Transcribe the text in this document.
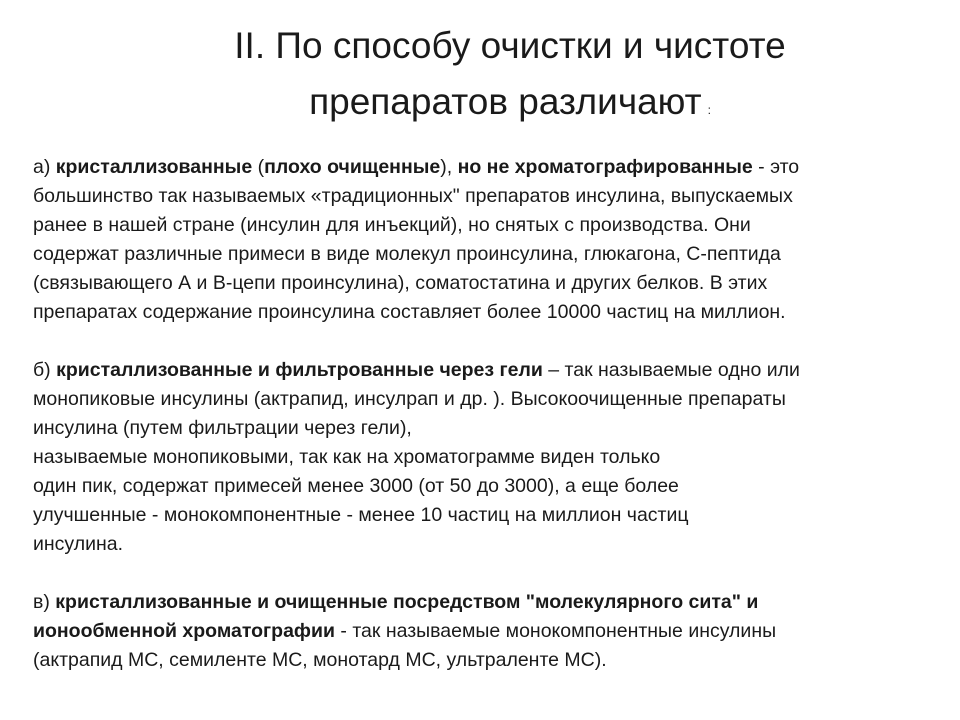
II. По способу очистки и чистоте
препаратов различают :

а) кристаллизованные (плохо очищенные), но не хроматографированные - это
большинство так называемых «традиционных" препаратов инсулина, выпускаемых
ранее в нашей стране (инсулин для инъекций), но снятых с производства. Они
содержат различные примеси в виде молекул проинсулина, глюкагона, С-пептида
(связывающего А и В-цепи проинсулина), соматостатина и других белков. В этих
препаратах содержание проинсулина составляет более 10000 частиц на миллион.

б) кристаллизованные и фильтрованные через гели – так называемые одно или
монопиковые инсулины (актрапид, инсулрап и др. ). Высокоочищенные препараты
инсулина (путем фильтрации через гели),
называемые монопиковыми, так как на хроматограмме виден только
один пик, содержат примесей менее 3000 (от 50 до 3000), а еще более
улучшенные - монокомпонентные - менее 10 частиц на миллион частиц
инсулина.

в) кристаллизованные и очищенные посредством "молекулярного сита" и
ионообменной хроматографии - так называемые монокомпонентные инсулины
(актрапид МС, семиленте МС, монотард МС, ультраленте МС).
